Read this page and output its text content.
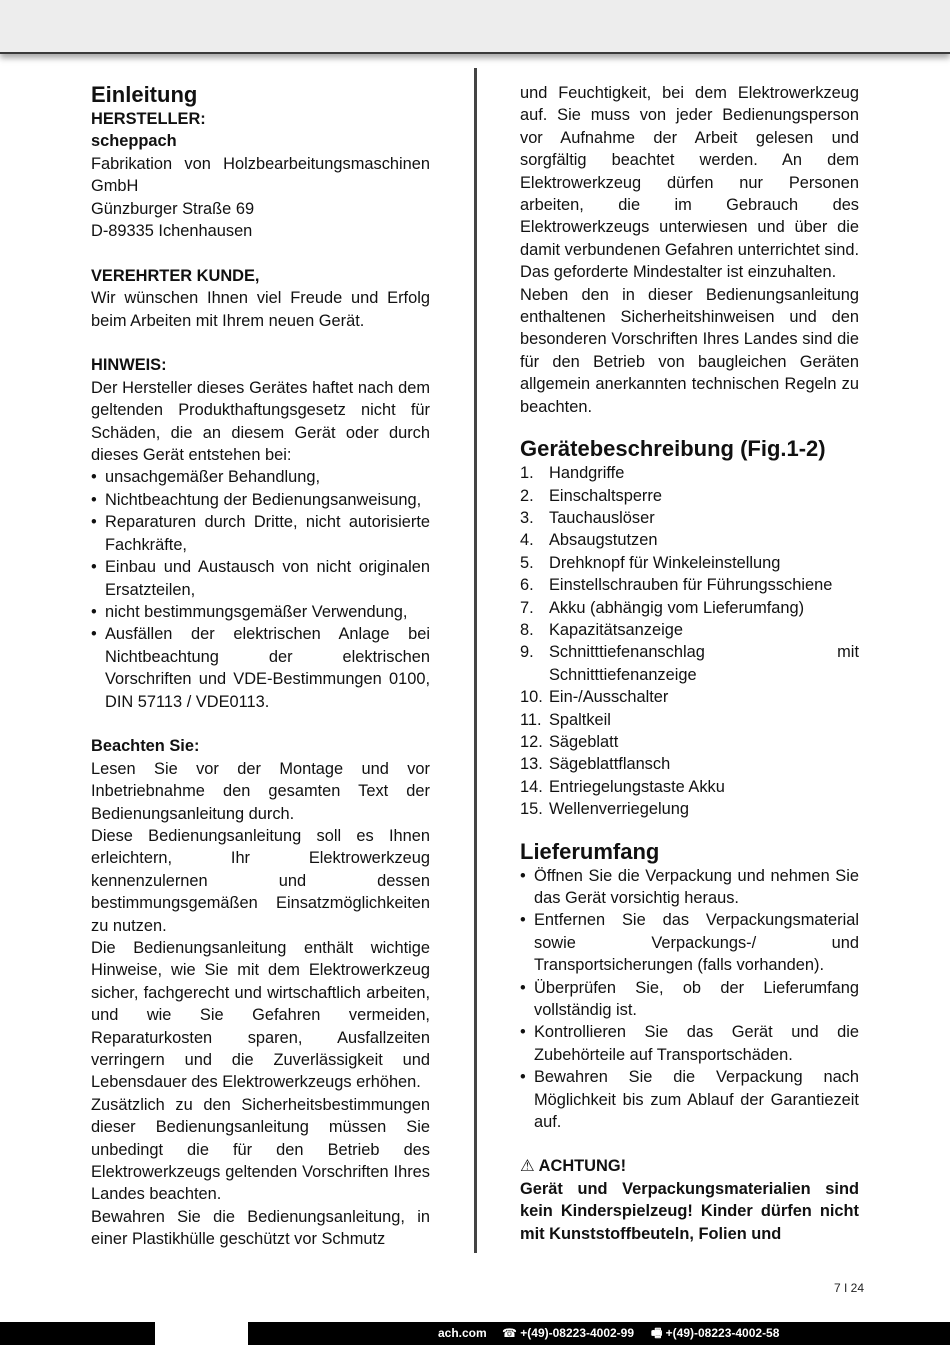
Einleitung

HERSTELLER:

scheppach

Fabrikation von Holzbearbeitungsmaschinen GmbH

Günzburger Straße 69

D-89335 Ichenhausen

VEREHRTER KUNDE,

Wir wünschen Ihnen viel Freude und Erfolg beim Arbeiten mit Ihrem neuen Gerät.

HINWEIS:

Der Hersteller dieses Gerätes haftet nach dem geltenden Produkthaftungsgesetz nicht für Schäden, die an diesem Gerät oder durch dieses Gerät entstehen bei:

• unsachgemäßer Behandlung,
• Nichtbeachtung der Bedienungsanweisung,
• Reparaturen durch Dritte, nicht autorisierte Fachkräfte,
• Einbau und Austausch von nicht originalen Ersatzteilen,
• nicht bestimmungsgemäßer Verwendung,
• Ausfällen der elektrischen Anlage bei Nichtbeachtung der elektrischen Vorschriften und VDE-Bestimmungen 0100, DIN 57113 / VDE0113.

Beachten Sie:

Lesen Sie vor der Montage und vor Inbetriebnahme den gesamten Text der Bedienungsanleitung durch.

Diese Bedienungsanleitung soll es Ihnen erleichtern, Ihr Elektrowerkzeug kennenzulernen und dessen bestimmungsgemäßen Einsatzmöglichkeiten zu nutzen.

Die Bedienungsanleitung enthält wichtige Hinweise, wie Sie mit dem Elektrowerkzeug sicher, fachgerecht und wirtschaftlich arbeiten, und wie Sie Gefahren vermeiden, Reparaturkosten sparen, Ausfallzeiten verringern und die Zuverlässigkeit und Lebensdauer des Elektrowerkzeugs erhöhen.

Zusätzlich zu den Sicherheitsbestimmungen dieser Bedienungsanleitung müssen Sie unbedingt die für den Betrieb des Elektrowerkzeugs geltenden Vorschriften Ihres Landes beachten.

Bewahren Sie die Bedienungsanleitung, in einer Plastikhülle geschützt vor Schmutz

und Feuchtigkeit, bei dem Elektrowerkzeug auf. Sie muss von jeder Bedienungsperson vor Aufnahme der Arbeit gelesen und sorgfältig beachtet werden. An dem Elektrowerkzeug dürfen nur Personen arbeiten, die im Gebrauch des Elektrowerkzeugs unterwiesen und über die damit verbundenen Gefahren unterrichtet sind. Das geforderte Mindestalter ist einzuhalten.

Neben den in dieser Bedienungsanleitung enthaltenen Sicherheitshinweisen und den besonderen Vorschriften Ihres Landes sind die für den Betrieb von baugleichen Geräten allgemein anerkannten technischen Regeln zu beachten.

Gerätebeschreibung (Fig.1-2)
1. Handgriffe
2. Einschaltsperre
3. Tauchauslöser
4. Absaugstutzen
5. Drehknopf für Winkeleinstellung
6. Einstellschrauben für Führungsschiene
7. Akku (abhängig vom Lieferumfang)
8. Kapazitätsanzeige
9. Schnitttiefenanschlag mit Schnitttiefenanzeige
10. Ein-/Ausschalter
11. Spaltkeil
12. Sägeblatt
13. Sägeblattflansch
14. Entriegelungstaste Akku
15. Wellenverriegelung
Lieferumfang
• Öffnen Sie die Verpackung und nehmen Sie das Gerät vorsichtig heraus.
• Entfernen Sie das Verpackungsmaterial sowie Verpackungs-/ und Transportsicherungen (falls vorhanden).
• Überprüfen Sie, ob der Lieferumfang vollständig ist.
• Kontrollieren Sie das Gerät und die Zubehörteile auf Transportschäden.
• Bewahren Sie die Verpackung nach Möglichkeit bis zum Ablauf der Garantiezeit auf.

⚠ ACHTUNG!

Gerät und Verpackungsmaterialien sind kein Kinderspielzeug! Kinder dürfen nicht mit Kunststoffbeuteln, Folien und

7 I 24
ach.com ☎ +(49)-08223-4002-99 🖷 +(49)-08223-4002-58
